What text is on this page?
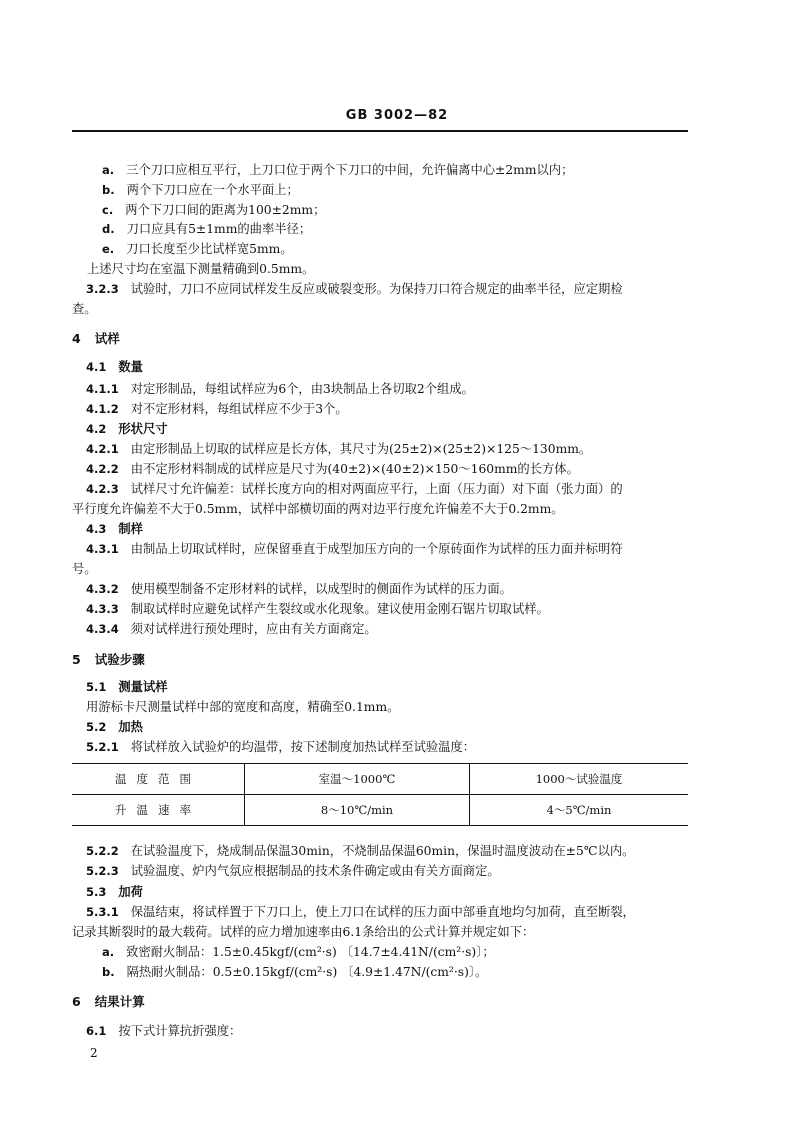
GB 3002—82
a. 三个刀口应相互平行，上刀口位于两个下刀口的中间，允许偏离中心±2mm以内；
b. 两个下刀口应在一个水平面上；
c. 两个下刀口间的距离为100±2mm；
d. 刀口应具有5±1mm的曲率半径；
e. 刀口长度至少比试样宽5mm。
上述尺寸均在室温下测量精确到0.5mm。
3.2.3 试验时，刀口不应同试样发生反应或破裂变形。为保持刀口符合规定的曲率半径，应定期检
查。
4 试样
4.1 数量
4.1.1 对定形制品，每组试样应为6个，由3块制品上各切取2个组成。
4.1.2 对不定形材料，每组试样应不少于3个。
4.2 形状尺寸
4.2.1 由定形制品上切取的试样应是长方体，其尺寸为(25±2)×(25±2)×125～130mm。
4.2.2 由不定形材料制成的试样应是尺寸为(40±2)×(40±2)×150～160mm的长方体。
4.2.3 试样尺寸允许偏差：试样长度方向的相对两面应平行，上面（压力面）对下面（张力面）的
平行度允许偏差不大于0.5mm，试样中部横切面的两对边平行度允许偏差不大于0.2mm。
4.3 制样
4.3.1 由制品上切取试样时，应保留垂直于成型加压方向的一个原砖面作为试样的压力面并标明符
号。
4.3.2 使用模型制备不定形材料的试样，以成型时的侧面作为试样的压力面。
4.3.3 制取试样时应避免试样产生裂纹或水化现象。建议使用金刚石锯片切取试样。
4.3.4 须对试样进行预处理时，应由有关方面商定。
5 试验步骤
5.1 测量试样
用游标卡尺测量试样中部的宽度和高度，精确至0.1mm。
5.2 加热
5.2.1 将试样放入试验炉的均温带，按下述制度加热试样至试验温度：
5.2.2 在试验温度下，烧成制品保温30min，不烧制品保温60min，保温时温度波动在±5℃以内。
5.2.3 试验温度、炉内气氛应根据制品的技术条件确定或由有关方面商定。
5.3 加荷
5.3.1 保温结束，将试样置于下刀口上，使上刀口在试样的压力面中部垂直地均匀加荷，直至断裂，
记录其断裂时的最大载荷。试样的应力增加速率由6.1条给出的公式计算并规定如下：
a. 致密耐火制品：1.5±0.45kgf/(cm²·s) 〔14.7±4.41N/(cm²·s)〕；
b. 隔热耐火制品：0.5±0.15kgf/(cm²·s) 〔4.9±1.47N/(cm²·s)〕。
6 结果计算
6.1 按下式计算抗折强度：
温度范围	室温～1000℃	1000～试验温度
升温速率	8～10℃/min	4～5℃/min
2
